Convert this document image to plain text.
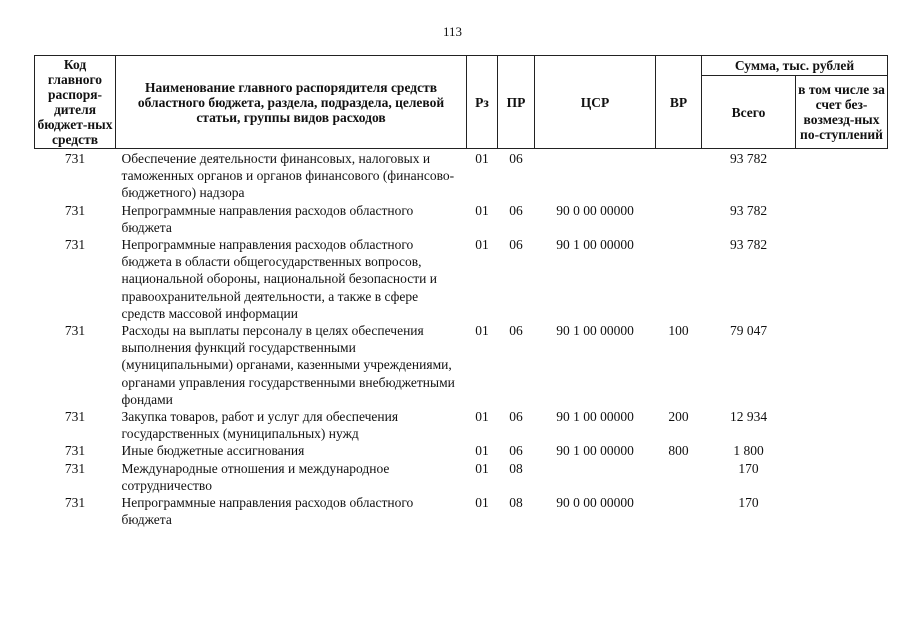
113
Код главного распоря-дителя бюджет-ных средств	Наименование главного распорядителя средств областного бюджета, раздела, подраздела, целевой статьи, группы видов расходов	Рз	ПР	ЦСР	ВР	Сумма, тыс. рублей	
						Всего	в том числе за счет без-возмезд-ных по-ступлений
731	Обеспечение деятельности финансовых, налоговых и таможенных органов и органов финансового (финансово-бюджетного) надзора	01	06			93 782	
731	Непрограммные направления расходов областного бюджета	01	06	90 0 00 00000		93 782	
731	Непрограммные направления расходов областного бюджета в области общегосударственных вопросов, национальной обороны, национальной безопасности и правоохранительной деятельности, а также в сфере средств массовой информации	01	06	90 1 00 00000		93 782	
731	Расходы на выплаты персоналу в целях обеспечения выполнения функций государственными (муниципальными) органами, казенными учреждениями, органами управления государственными внебюджетными фондами	01	06	90 1 00 00000	100	79 047	
731	Закупка товаров, работ и услуг для обеспечения государственных (муниципальных) нужд	01	06	90 1 00 00000	200	12 934	
731	Иные бюджетные ассигнования	01	06	90 1 00 00000	800	1 800	
731	Международные отношения и международное сотрудничество	01	08			170	
731	Непрограммные направления расходов областного бюджета	01	08	90 0 00 00000		170	
